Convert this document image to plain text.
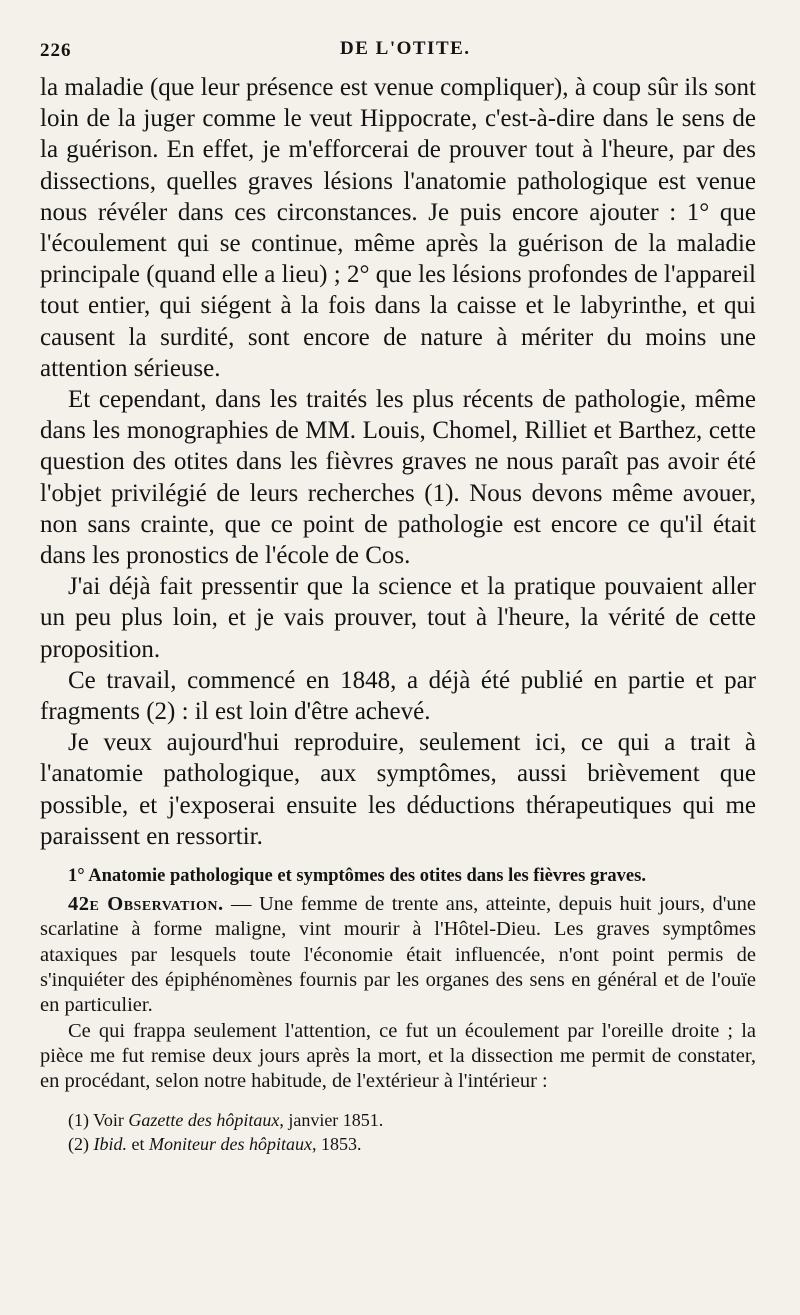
226	DE L'OTITE.

la maladie (que leur présence est venue compliquer), à coup sûr ils sont loin de la juger comme le veut Hippocrate, c'est-à-dire dans le sens de la guérison. En effet, je m'efforcerai de prouver tout à l'heure, par des dissections, quelles graves lésions l'anatomie pathologique est venue nous révéler dans ces circonstances. Je puis encore ajouter : 1° que l'écoulement qui se continue, même après la guérison de la maladie principale (quand elle a lieu) ; 2° que les lésions profondes de l'appareil tout entier, qui siégent à la fois dans la caisse et le labyrinthe, et qui causent la surdité, sont encore de nature à mériter du moins une attention sérieuse.

Et cependant, dans les traités les plus récents de pathologie, même dans les monographies de MM. Louis, Chomel, Rilliet et Barthez, cette question des otites dans les fièvres graves ne nous paraît pas avoir été l'objet privilégié de leurs recherches (1). Nous devons même avouer, non sans crainte, que ce point de pathologie est encore ce qu'il était dans les pronostics de l'école de Cos.

J'ai déjà fait pressentir que la science et la pratique pouvaient aller un peu plus loin, et je vais prouver, tout à l'heure, la vérité de cette proposition.

Ce travail, commencé en 1848, a déjà été publié en partie et par fragments (2) : il est loin d'être achevé.

Je veux aujourd'hui reproduire, seulement ici, ce qui a trait à l'anatomie pathologique, aux symptômes, aussi brièvement que possible, et j'exposerai ensuite les déductions thérapeutiques qui me paraissent en ressortir.

1° Anatomie pathologique et symptômes des otites dans les fièvres graves.

42e Observation. — Une femme de trente ans, atteinte, depuis huit jours, d'une scarlatine à forme maligne, vint mourir à l'Hôtel-Dieu. Les graves symptômes ataxiques par lesquels toute l'économie était influencée, n'ont point permis de s'inquiéter des épiphénomènes fournis par les organes des sens en général et de l'ouïe en particulier.

Ce qui frappa seulement l'attention, ce fut un écoulement par l'oreille droite ; la pièce me fut remise deux jours après la mort, et la dissection me permit de constater, en procédant, selon notre habitude, de l'extérieur à l'intérieur :

(1) Voir Gazette des hôpitaux, janvier 1851.
(2) Ibid. et Moniteur des hôpitaux, 1853.
